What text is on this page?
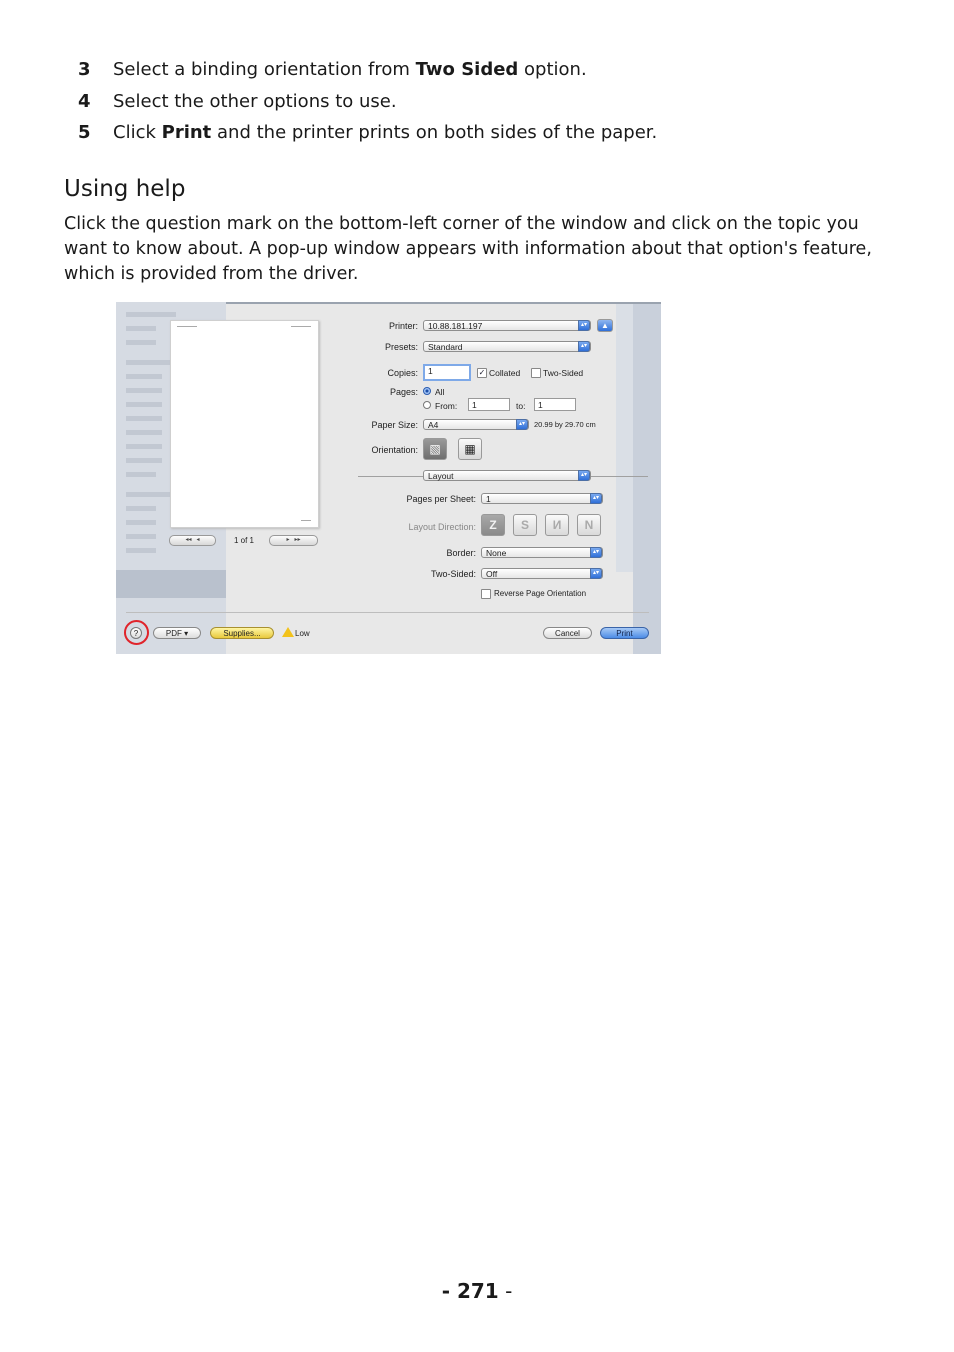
3 Select a binding orientation from Two Sided option.
4 Select the other options to use.
5 Click Print and the printer prints on both sides of the paper.
Using help

Click the question mark on the bottom-left corner of the window and click on the topic you want to know about. A pop-up window appears with information about that option's feature, which is provided from the driver.

◂◂   ◂	1 of 1	▸   ▸▸
Printer:	10.88.181.197	▴▾	▲
Presets:	Standard	▴▾
Copies:	1	✓ Collated	Two-Sided
Pages: All
From:	1	to:	1
Paper Size:	A4	▴▾	20.99 by 29.70 cm
Orientation: ▧	▦
Layout	▴▾
Pages per Sheet:	1	▴▾
Layout Direction:	Z	S	И	N
Border:	None	▴▾
Two-Sided:	Off	▴▾
Reverse Page Orientation
?	PDF ▾	Supplies...	Low	Cancel	Print
- 271 -
